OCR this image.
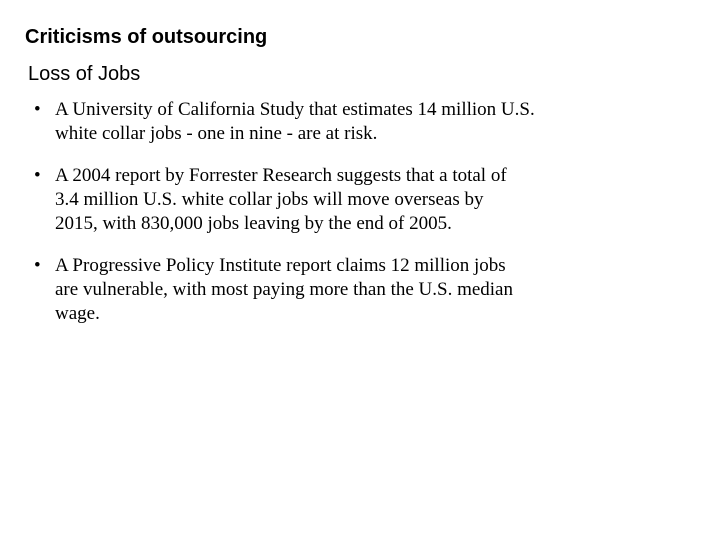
Criticisms of outsourcing
Loss of Jobs
• A University of California Study that estimates 14 million U.S.
white collar jobs - one in nine - are at risk.
• A 2004 report by Forrester Research suggests that a total of
3.4 million U.S. white collar jobs will move overseas by
2015, with 830,000 jobs leaving by the end of 2005.
• A Progressive Policy Institute report claims 12 million jobs
are vulnerable, with most paying more than the U.S. median
wage.
